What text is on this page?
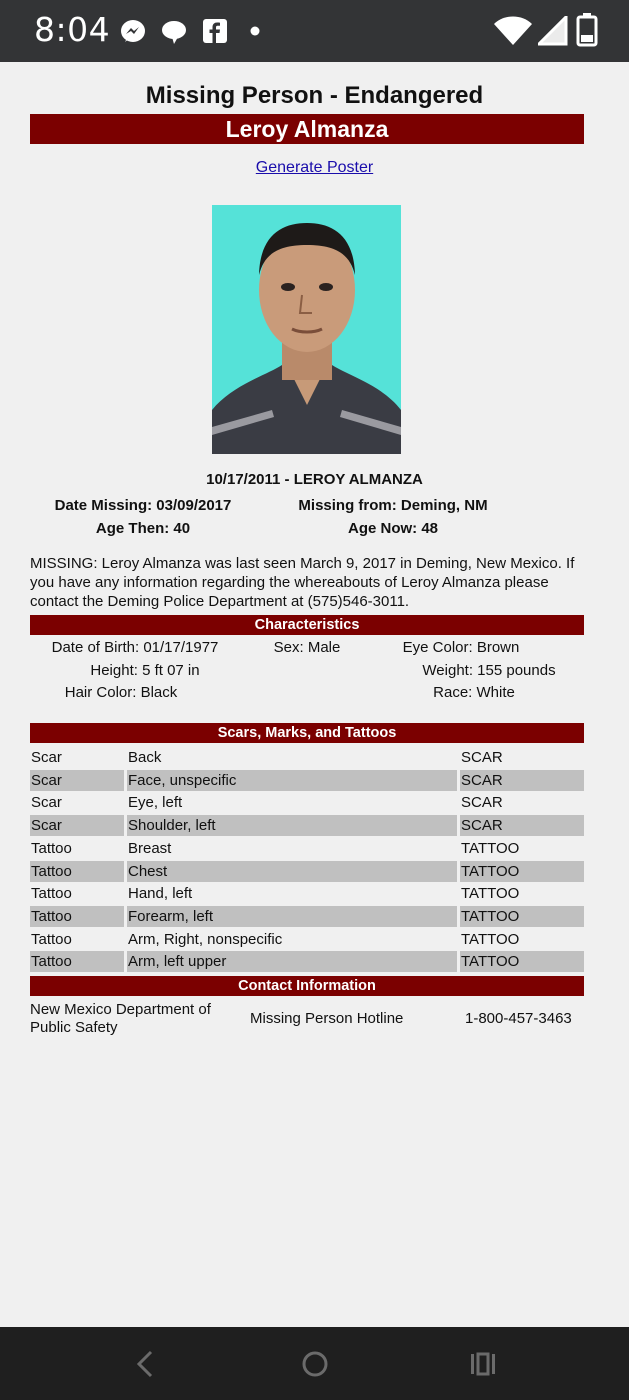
8:04
Missing Person - Endangered
Leroy Almanza
Generate Poster
10/17/2011 - LEROY ALMANZA
Date Missing: 03/09/2017	Missing from: Deming, NM
Age Then: 40	Age Now: 48
MISSING: Leroy Almanza was last seen March 9, 2017 in Deming, New Mexico. If you have any information regarding the whereabouts of Leroy Almanza please contact the Deming Police Department at (575)546-3011.
Characteristics
Date of Birth: 01/17/1977	Sex: Male	Eye Color: Brown
Height: 5 ft 07 in	Weight: 155 pounds
Hair Color: Black	Race: White
Scars, Marks, and Tattoos
Scar	Back	SCAR
Scar	Face, unspecific	SCAR
Scar	Eye, left	SCAR
Scar	Shoulder, left	SCAR
Tattoo	Breast	TATTOO
Tattoo	Chest	TATTOO
Tattoo	Hand, left	TATTOO
Tattoo	Forearm, left	TATTOO
Tattoo	Arm, Right, nonspecific	TATTOO
Tattoo	Arm, left upper	TATTOO
Contact Information
New Mexico Department of Public Safety
Missing Person Hotline	1-800-457-3463
